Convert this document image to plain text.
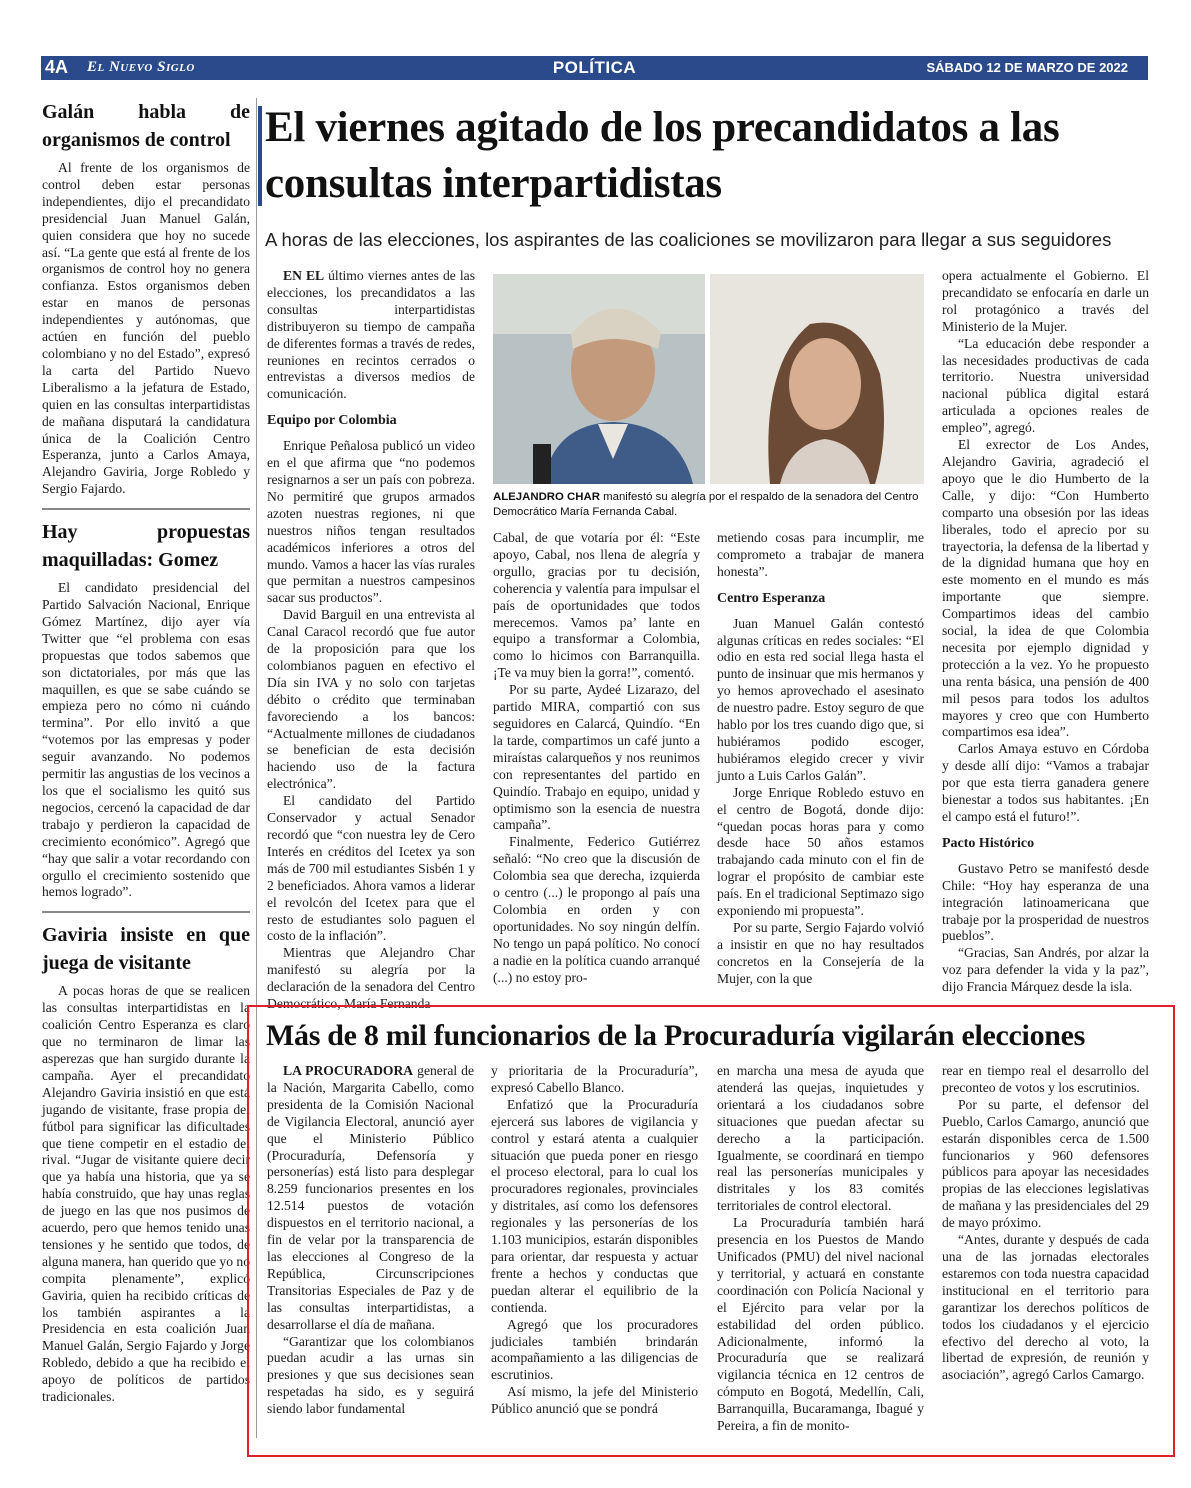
4A El Nuevo Siglo	POLÍTICA	SÁBADO 12 DE MARZO DE 2022
Galán habla de organismos de control

Al frente de los organismos de control deben estar personas independientes, dijo el precandidato presidencial Juan Manuel Galán, quien considera que hoy no sucede así. “La gente que está al frente de los organismos de control hoy no genera confianza. Estos organismos deben estar en manos de personas independientes y autónomas, que actúen en función del pueblo colombiano y no del Estado”, expresó la carta del Partido Nuevo Liberalismo a la jefatura de Estado, quien en las consultas interpartidistas de mañana disputará la candidatura única de la Coalición Centro Esperanza, junto a Carlos Amaya, Alejandro Gaviria, Jorge Robledo y Sergio Fajardo.

Hay propuestas maquilladas: Gomez

El candidato presidencial del Partido Salvación Nacional, Enrique Gómez Martínez, dijo ayer vía Twitter que “el problema con esas propuestas que todos sabemos que son dictatoriales, por más que las maquillen, es que se sabe cuándo se empieza pero no cómo ni cuándo termina”. Por ello invitó a que “votemos por las empresas y poder seguir avanzando. No podemos permitir las angustias de los vecinos a los que el socialismo les quitó sus negocios, cercenó la capacidad de dar trabajo y perdieron la capacidad de crecimiento económico”. Agregó que “hay que salir a votar recordando con orgullo el crecimiento sostenido que hemos logrado”.

Gaviria insiste en que juega de visitante

A pocas horas de que se realicen las consultas interpartidistas en la coalición Centro Esperanza es claro que no terminaron de limar las asperezas que han surgido durante la campaña. Ayer el precandidato Alejandro Gaviria insistió en que está jugando de visitante, frase propia del fútbol para significar las dificultades que tiene competir en el estadio del rival. “Jugar de visitante quiere decir que ya había una historia, que ya se había construido, que hay unas reglas de juego en las que nos pusimos de acuerdo, pero que hemos tenido unas tensiones y he sentido que todos, de alguna manera, han querido que yo no compita plenamente”, explicó Gaviria, quien ha recibido críticas de los también aspirantes a la Presidencia en esta coalición Juan Manuel Galán, Sergio Fajardo y Jorge Robledo, debido a que ha recibido el apoyo de políticos de partidos tradicionales.

El viernes agitado de los precandidatos a las consultas interpartidistas
A horas de las elecciones, los aspirantes de las coaliciones se movilizaron para llegar a sus seguidores

EN EL último viernes antes de las elecciones, los precandidatos a las consultas interpartidistas distribuyeron su tiempo de campaña de diferentes formas a través de redes, reuniones en recintos cerrados o entrevistas a diversos medios de comunicación.

Equipo por Colombia

Enrique Peñalosa publicó un video en el que afirma que “no podemos resignarnos a ser un país con pobreza. No permitiré que grupos armados azoten nuestras regiones, ni que nuestros niños tengan resultados académicos inferiores a otros del mundo. Vamos a hacer las vías rurales que permitan a nuestros campesinos sacar sus productos”.

David Barguil en una entrevista al Canal Caracol recordó que fue autor de la proposición para que los colombianos paguen en efectivo el Día sin IVA y no solo con tarjetas débito o crédito que terminaban favoreciendo a los bancos: “Actualmente millones de ciudadanos se benefician de esta decisión haciendo uso de la factura electrónica”.

El candidato del Partido Conservador y actual Senador recordó que “con nuestra ley de Cero Interés en créditos del Icetex ya son más de 700 mil estudiantes Sisbén 1 y 2 beneficiados. Ahora vamos a liderar el revolcón del Icetex para que el resto de estudiantes solo paguen el costo de la inflación”.

Mientras que Alejandro Char manifestó su alegría por la declaración de la senadora del Centro Democrático, María Fernanda

ALEJANDRO CHAR manifestó su alegría por el respaldo de la senadora del Centro Democrático María Fernanda Cabal.

Cabal, de que votaría por él: “Este apoyo, Cabal, nos llena de alegría y orgullo, gracias por tu decisión, coherencia y valentía para impulsar el país de oportunidades que todos merecemos. Vamos pa’ lante en equipo a transformar a Colombia, como lo hicimos con Barranquilla. ¡Te va muy bien la gorra!”, comentó.

Por su parte, Aydeé Lizarazo, del partido MIRA, compartió con sus seguidores en Calarcá, Quindío. “En la tarde, compartimos un café junto a miraístas calarqueños y nos reunimos con representantes del partido en Quindío. Trabajo en equipo, unidad y optimismo son la esencia de nuestra campaña”.

Finalmente, Federico Gutiérrez señaló: “No creo que la discusión de Colombia sea que derecha, izquierda o centro (...) le propongo al país una Colombia en orden y con oportunidades. No soy ningún delfín. No tengo un papá político. No conocí a nadie en la política cuando arranqué (...) no estoy pro-

metiendo cosas para incumplir, me comprometo a trabajar de manera honesta”.

Centro Esperanza

Juan Manuel Galán contestó algunas críticas en redes sociales: “El odio en esta red social llega hasta el punto de insinuar que mis hermanos y yo hemos aprovechado el asesinato de nuestro padre. Estoy seguro de que hablo por los tres cuando digo que, si hubiéramos podido escoger, hubiéramos elegido crecer y vivir junto a Luis Carlos Galán”.

Jorge Enrique Robledo estuvo en el centro de Bogotá, donde dijo: “quedan pocas horas para y como desde hace 50 años estamos trabajando cada minuto con el fin de lograr el propósito de cambiar este país. En el tradicional Septimazo sigo exponiendo mi propuesta”.

Por su parte, Sergio Fajardo volvió a insistir en que no hay resultados concretos en la Consejería de la Mujer, con la que

opera actualmente el Gobierno. El precandidato se enfocaría en darle un rol protagónico a través del Ministerio de la Mujer.

“La educación debe responder a las necesidades productivas de cada territorio. Nuestra universidad nacional pública digital estará articulada a opciones reales de empleo”, agregó.

El exrector de Los Andes, Alejandro Gaviria, agradeció el apoyo que le dio Humberto de la Calle, y dijo: “Con Humberto comparto una obsesión por las ideas liberales, todo el aprecio por su trayectoria, la defensa de la libertad y de la dignidad humana que hoy en este momento en el mundo es más importante que siempre. Compartimos ideas del cambio social, la idea de que Colombia necesita por ejemplo dignidad y protección a la vez. Yo he propuesto una renta básica, una pensión de 400 mil pesos para todos los adultos mayores y creo que con Humberto compartimos esa idea”.

Carlos Amaya estuvo en Córdoba y desde allí dijo: “Vamos a trabajar por que esta tierra ganadera genere bienestar a todos sus habitantes. ¡En el campo está el futuro!”.

Pacto Histórico

Gustavo Petro se manifestó desde Chile: “Hoy hay esperanza de una integración latinoamericana que trabaje por la prosperidad de nuestros pueblos”.

“Gracias, San Andrés, por alzar la voz para defender la vida y la paz”, dijo Francia Márquez desde la isla.

Más de 8 mil funcionarios de la Procuraduría vigilarán elecciones

LA PROCURADORA general de la Nación, Margarita Cabello, como presidenta de la Comisión Nacional de Vigilancia Electoral, anunció ayer que el Ministerio Público (Procuraduría, Defensoría y personerías) está listo para desplegar 8.259 funcionarios presentes en los 12.514 puestos de votación dispuestos en el territorio nacional, a fin de velar por la transparencia de las elecciones al Congreso de la República, Circunscripciones Transitorias Especiales de Paz y de las consultas interpartidistas, a desarrollarse el día de mañana.

“Garantizar que los colombianos puedan acudir a las urnas sin presiones y que sus decisiones sean respetadas ha sido, es y seguirá siendo labor fundamental

y prioritaria de la Procuraduría”, expresó Cabello Blanco.

Enfatizó que la Procuraduría ejercerá sus labores de vigilancia y control y estará atenta a cualquier situación que pueda poner en riesgo el proceso electoral, para lo cual los procuradores regionales, provinciales y distritales, así como los defensores regionales y las personerías de los 1.103 municipios, estarán disponibles para orientar, dar respuesta y actuar frente a hechos y conductas que puedan alterar el equilibrio de la contienda.

Agregó que los procuradores judiciales también brindarán acompañamiento a las diligencias de escrutinios.

Así mismo, la jefe del Ministerio Público anunció que se pondrá

en marcha una mesa de ayuda que atenderá las quejas, inquietudes y orientará a los ciudadanos sobre situaciones que puedan afectar su derecho a la participación. Igualmente, se coordinará en tiempo real las personerías municipales y distritales y los 83 comités territoriales de control electoral.

La Procuraduría también hará presencia en los Puestos de Mando Unificados (PMU) del nivel nacional y territorial, y actuará en constante coordinación con Policía Nacional y el Ejército para velar por la estabilidad del orden público. Adicionalmente, informó la Procuraduría que se realizará vigilancia técnica en 12 centros de cómputo en Bogotá, Medellín, Cali, Barranquilla, Bucaramanga, Ibagué y Pereira, a fin de monito-

rear en tiempo real el desarrollo del preconteo de votos y los escrutinios.

Por su parte, el defensor del Pueblo, Carlos Camargo, anunció que estarán disponibles cerca de 1.500 funcionarios y 960 defensores públicos para apoyar las necesidades propias de las elecciones legislativas de mañana y las presidenciales del 29 de mayo próximo.

“Antes, durante y después de cada una de las jornadas electorales estaremos con toda nuestra capacidad institucional en el territorio para garantizar los derechos políticos de todos los ciudadanos y el ejercicio efectivo del derecho al voto, la libertad de expresión, de reunión y asociación”, agregó Carlos Camargo.
